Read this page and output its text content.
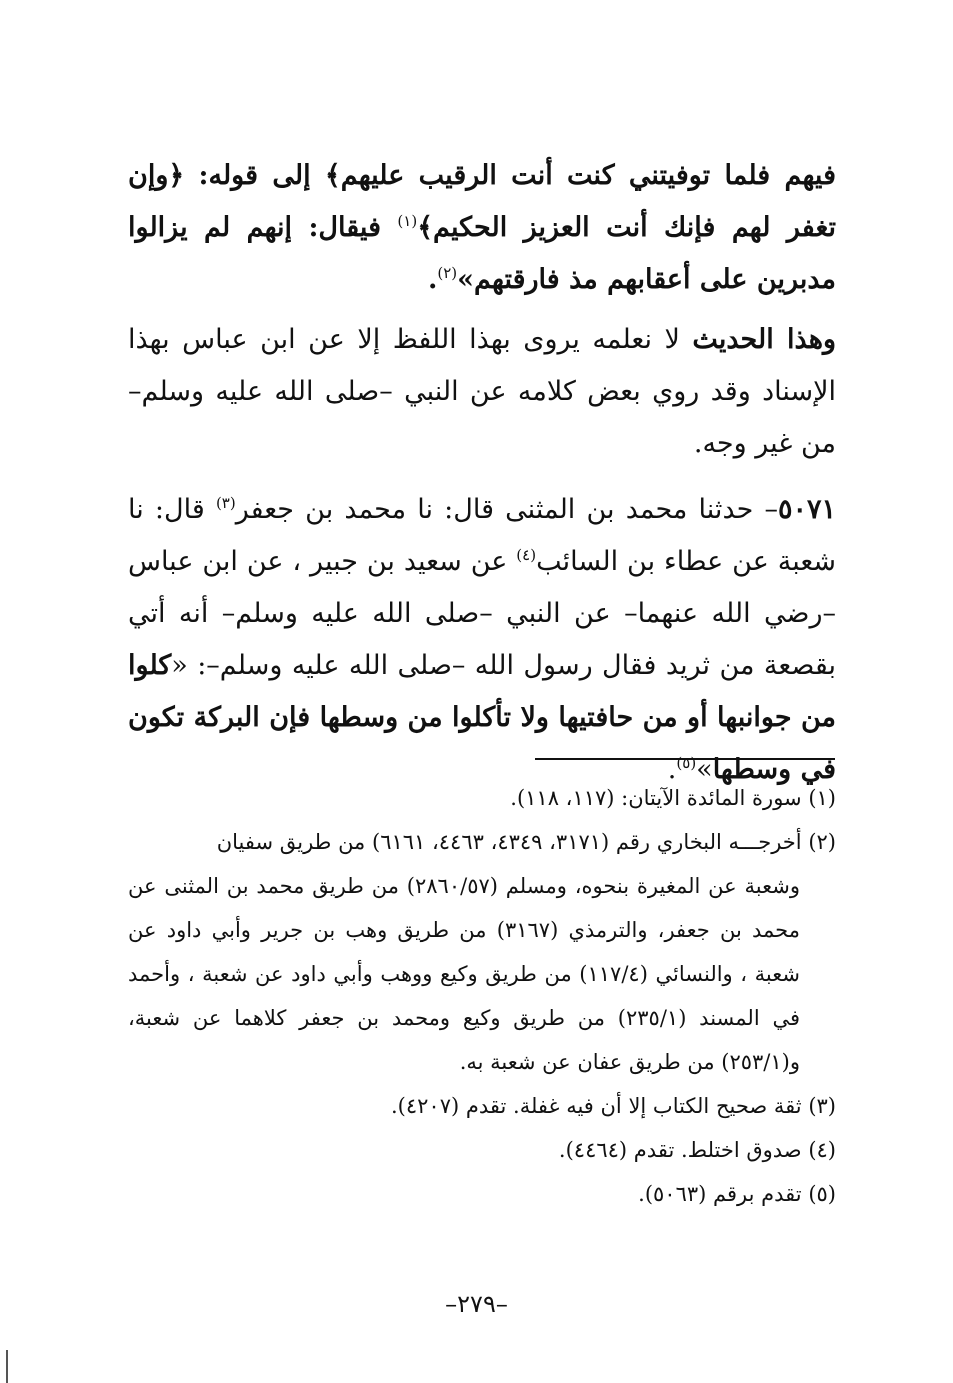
فيهم فلما توفيتني كنت أنت الرقيب عليهم﴾ إلى قوله: ﴿وإن تغفر لهم فإنك أنت العزيز الحكيم﴾$^{(١)}$ فيقال: إنهم لم يزالوا مدبرين على أعقابهم مذ فارقتهم»$^{(٢)}$.

وهذا الحديث لا نعلمه يروى بهذا اللفظ إلا عن ابن عباس بهذا الإسناد وقد روي بعض كلامه عن النبي –صلى الله عليه وسلم– من غير وجه.

٥٠٧١– حدثنا محمد بن المثنى قال: نا محمد بن جعفر$^{(٣)}$ قال: نا شعبة عن عطاء بن السائب$^{(٤)}$ عن سعيد بن جبير ، عن ابن عباس –رضي الله عنهما– عن النبي –صلى الله عليه وسلم– أنه أتي بقصعة من ثريد فقال رسول الله –صلى الله عليه وسلم–: «كلوا من جوانبها أو من حافتيها ولا تأكلوا من وسطها فإن البركة تكون في وسطها»$^{(٥)}$.

(١) سورة المائدة الآيتان: (١١٧، ١١٨).
(٢) أخرجـــه البخاري رقم (٣١٧١، ٤٣٤٩، ٤٤٦٣، ٦١٦١) من طريق سفيان
وشعبة عن المغيرة بنحوه، ومسلم (٢٨٦٠/٥٧) من طريق محمد بن المثنى عن محمد بن جعفر، والترمذي (٣١٦٧) من طريق وهب بن جرير وأبي داود عن شعبة ، والنسائي (١١٧/٤) من طريق وكيع ووهب وأبي داود عن شعبة ، وأحمد في المسند (٢٣٥/١) من طريق وكيع ومحمد بن جعفر كلاهما عن شعبة، و(٢٥٣/١) من طريق عفان عن شعبة به.
(٣) ثقة صحيح الكتاب إلا أن فيه غفلة. تقدم (٤٢٠٧).
(٤) صدوق اختلط. تقدم (٤٤٦٤).
(٥) تقدم برقم (٥٠٦٣).
–٢٧٩–
